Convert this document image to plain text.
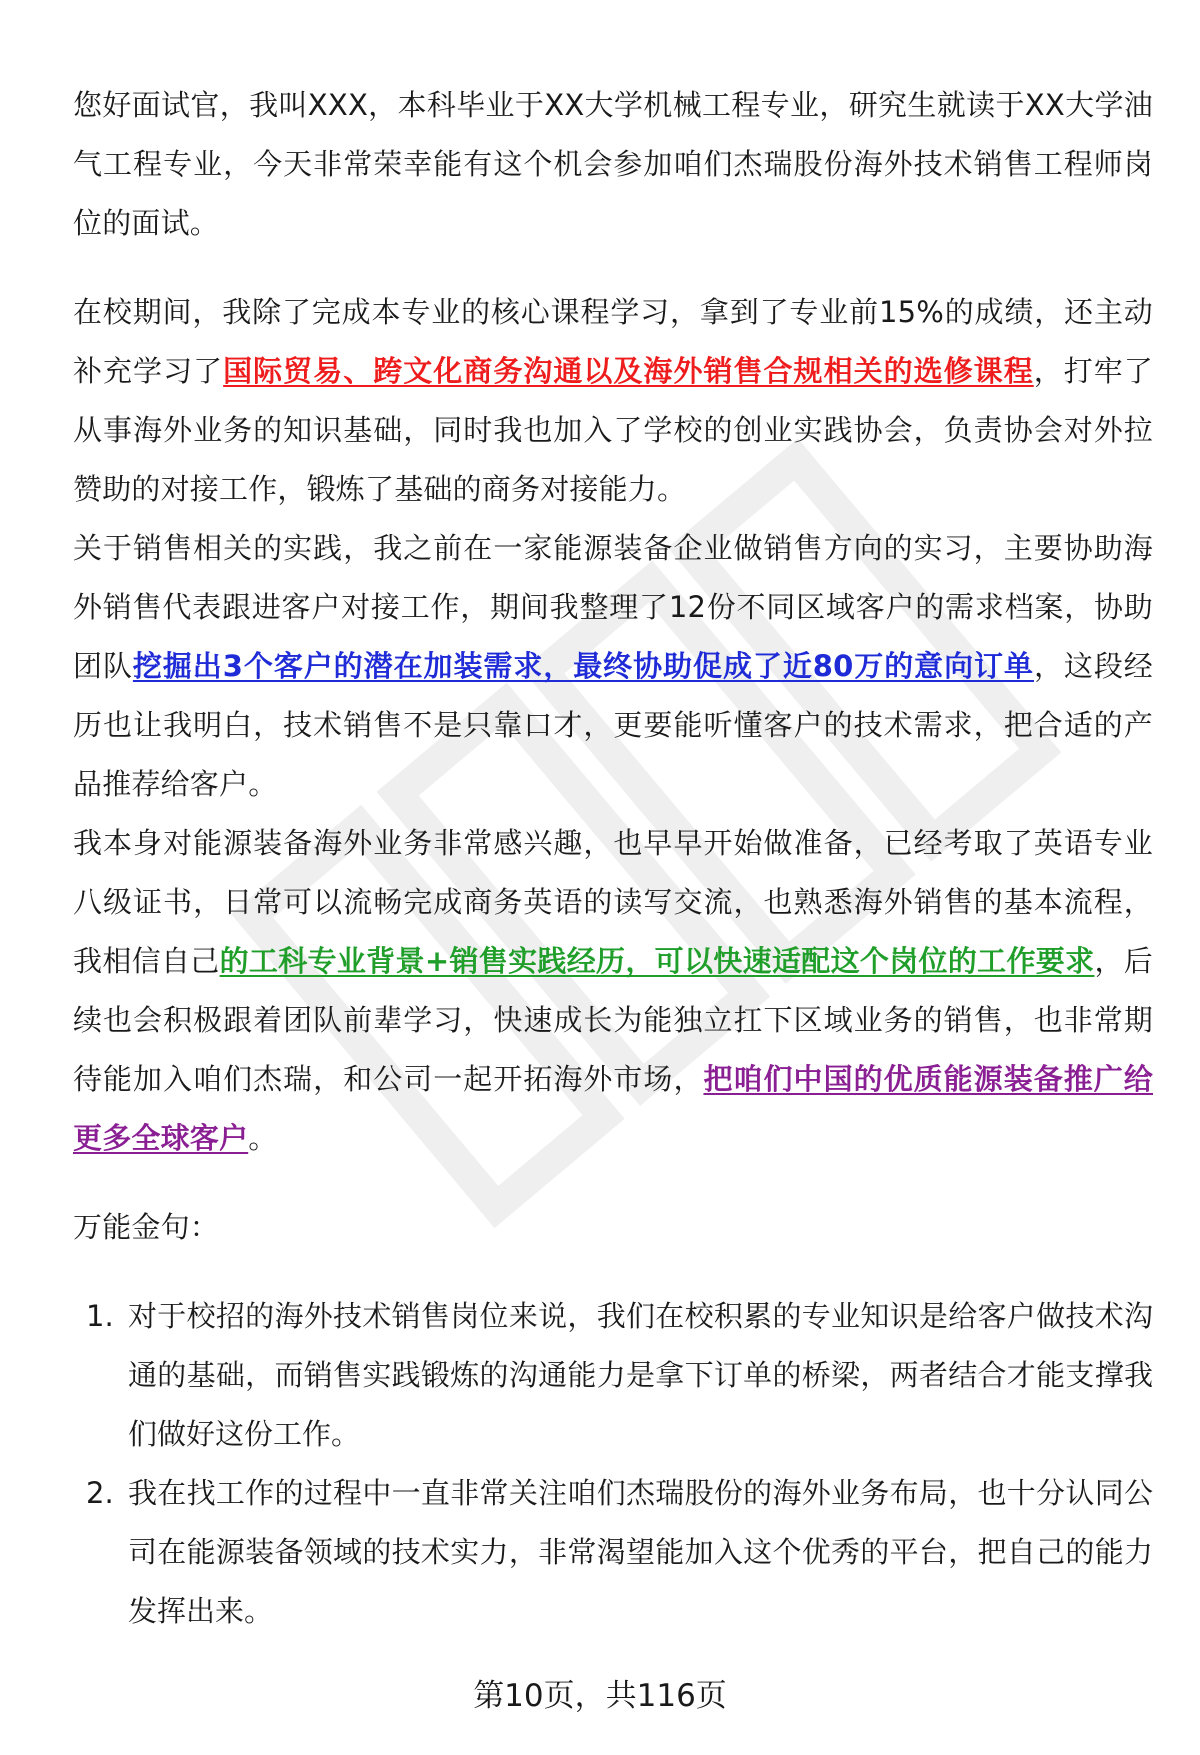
您好面试官，我叫XXX，本科毕业于XX大学机械工程专业，研究生就读于XX大学油气工程专业，今天非常荣幸能有这个机会参加咱们杰瑞股份海外技术销售工程师岗位的面试。

在校期间，我除了完成本专业的核心课程学习，拿到了专业前15%的成绩，还主动补充学习了国际贸易、跨文化商务沟通以及海外销售合规相关的选修课程，打牢了从事海外业务的知识基础，同时我也加入了学校的创业实践协会，负责协会对外拉赞助的对接工作，锻炼了基础的商务对接能力。

关于销售相关的实践，我之前在一家能源装备企业做销售方向的实习，主要协助海外销售代表跟进客户对接工作，期间我整理了12份不同区域客户的需求档案，协助团队挖掘出3个客户的潜在加装需求，最终协助促成了近80万的意向订单，这段经历也让我明白，技术销售不是只靠口才，更要能听懂客户的技术需求，把合适的产品推荐给客户。

我本身对能源装备海外业务非常感兴趣，也早早开始做准备，已经考取了英语专业八级证书，日常可以流畅完成商务英语的读写交流，也熟悉海外销售的基本流程，我相信自己的工科专业背景+销售实践经历，可以快速适配这个岗位的工作要求，后续也会积极跟着团队前辈学习，快速成长为能独立扛下区域业务的销售，也非常期待能加入咱们杰瑞，和公司一起开拓海外市场，把咱们中国的优质能源装备推广给更多全球客户。

万能金句：

1. 对于校招的海外技术销售岗位来说，我们在校积累的专业知识是给客户做技术沟通的基础，而销售实践锻炼的沟通能力是拿下订单的桥梁，两者结合才能支撑我们做好这份工作。
2. 我在找工作的过程中一直非常关注咱们杰瑞股份的海外业务布局，也十分认同公司在能源装备领域的技术实力，非常渴望能加入这个优秀的平台，把自己的能力发挥出来。
第10页，共116页
